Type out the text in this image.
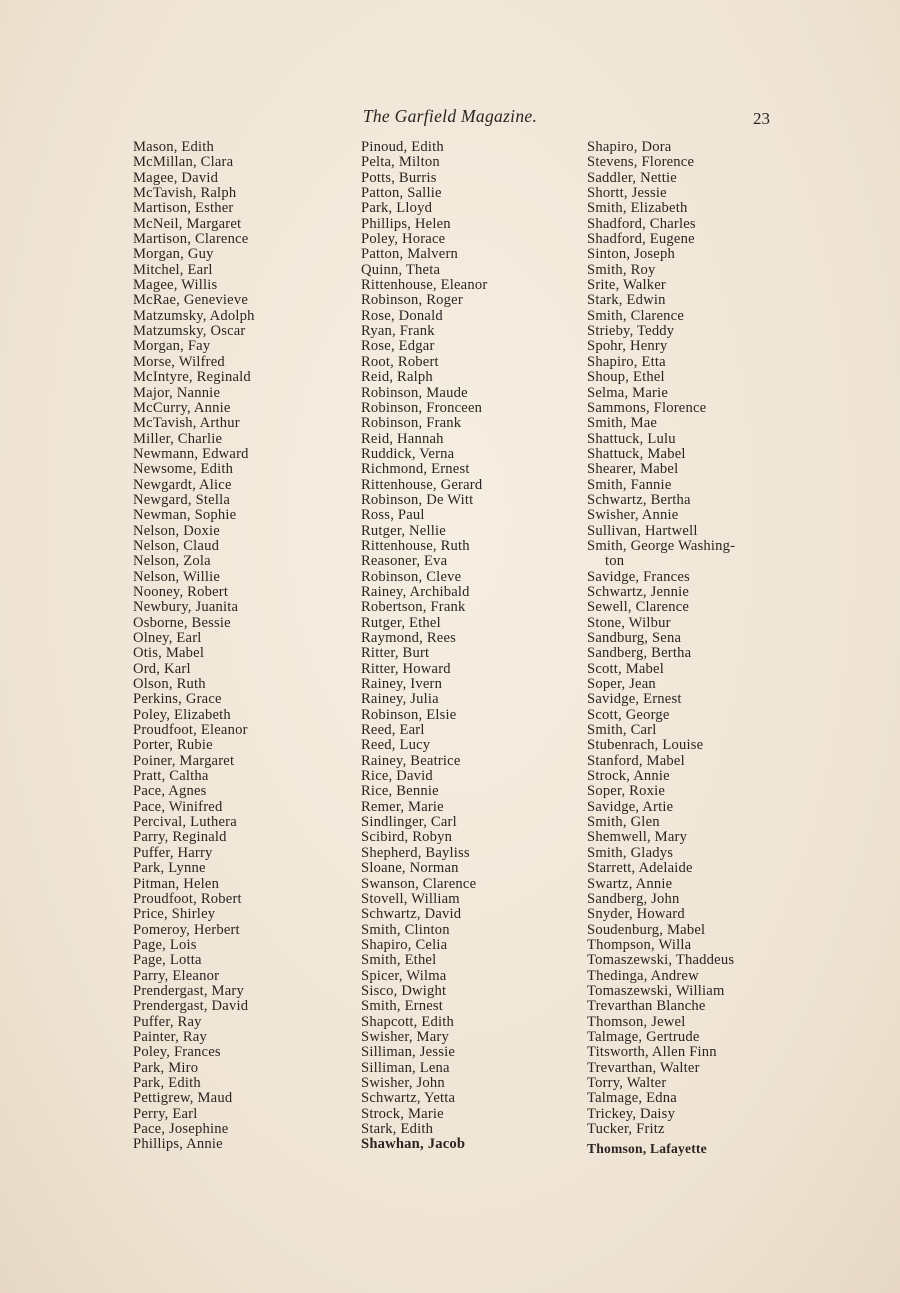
The Garfield Magazine.	23
Mason, Edith
McMillan, Clara
Magee, David
McTavish, Ralph
Martison, Esther
McNeil, Margaret
Martison, Clarence
Morgan, Guy
Mitchel, Earl
Magee, Willis
McRae, Genevieve
Matzumsky, Adolph
Matzumsky, Oscar
Morgan, Fay
Morse, Wilfred
McIntyre, Reginald
Major, Nannie
McCurry, Annie
McTavish, Arthur
Miller, Charlie
Newmann, Edward
Newsome, Edith
Newgardt, Alice
Newgard, Stella
Newman, Sophie
Nelson, Doxie
Nelson, Claud
Nelson, Zola
Nelson, Willie
Nooney, Robert
Newbury, Juanita
Osborne, Bessie
Olney, Earl
Otis, Mabel
Ord, Karl
Olson, Ruth
Perkins, Grace
Poley, Elizabeth
Proudfoot, Eleanor
Porter, Rubie
Poiner, Margaret
Pratt, Caltha
Pace, Agnes
Pace, Winifred
Percival, Luthera
Parry, Reginald
Puffer, Harry
Park, Lynne
Pitman, Helen
Proudfoot, Robert
Price, Shirley
Pomeroy, Herbert
Page, Lois
Page, Lotta
Parry, Eleanor
Prendergast, Mary
Prendergast, David
Puffer, Ray
Painter, Ray
Poley, Frances
Park, Miro
Park, Edith
Pettigrew, Maud
Perry, Earl
Pace, Josephine
Phillips, Annie
Pinoud, Edith
Pelta, Milton
Potts, Burris
Patton, Sallie
Park, Lloyd
Phillips, Helen
Poley, Horace
Patton, Malvern
Quinn, Theta
Rittenhouse, Eleanor
Robinson, Roger
Rose, Donald
Ryan, Frank
Rose, Edgar
Root, Robert
Reid, Ralph
Robinson, Maude
Robinson, Fronceen
Robinson, Frank
Reid, Hannah
Ruddick, Verna
Richmond, Ernest
Rittenhouse, Gerard
Robinson, De Witt
Ross, Paul
Rutger, Nellie
Rittenhouse, Ruth
Reasoner, Eva
Robinson, Cleve
Rainey, Archibald
Robertson, Frank
Rutger, Ethel
Raymond, Rees
Ritter, Burt
Ritter, Howard
Rainey, Ivern
Rainey, Julia
Robinson, Elsie
Reed, Earl
Reed, Lucy
Rainey, Beatrice
Rice, David
Rice, Bennie
Remer, Marie
Sindlinger, Carl
Scibird, Robyn
Shepherd, Bayliss
Sloane, Norman
Swanson, Clarence
Stovell, William
Schwartz, David
Smith, Clinton
Shapiro, Celia
Smith, Ethel
Spicer, Wilma
Sisco, Dwight
Smith, Ernest
Shapcott, Edith
Swisher, Mary
Silliman, Jessie
Silliman, Lena
Swisher, John
Schwartz, Yetta
Strock, Marie
Stark, Edith
Shawhan, Jacob
Shapiro, Dora
Stevens, Florence
Saddler, Nettie
Shortt, Jessie
Smith, Elizabeth
Shadford, Charles
Shadford, Eugene
Sinton, Joseph
Smith, Roy
Srite, Walker
Stark, Edwin
Smith, Clarence
Strieby, Teddy
Spohr, Henry
Shapiro, Etta
Shoup, Ethel
Selma, Marie
Sammons, Florence
Smith, Mae
Shattuck, Lulu
Shattuck, Mabel
Shearer, Mabel
Smith, Fannie
Schwartz, Bertha
Swisher, Annie
Sullivan, Hartwell
Smith, George Washing-
ton
Savidge, Frances
Schwartz, Jennie
Sewell, Clarence
Stone, Wilbur
Sandburg, Sena
Sandberg, Bertha
Scott, Mabel
Soper, Jean
Savidge, Ernest
Scott, George
Smith, Carl
Stubenrach, Louise
Stanford, Mabel
Strock, Annie
Soper, Roxie
Savidge, Artie
Smith, Glen
Shemwell, Mary
Smith, Gladys
Starrett, Adelaide
Swartz, Annie
Sandberg, John
Snyder, Howard
Soudenburg, Mabel
Thompson, Willa
Tomaszewski, Thaddeus
Thedinga, Andrew
Tomaszewski, William
Trevarthan Blanche
Thomson, Jewel
Talmage, Gertrude
Titsworth, Allen Finn
Trevarthan, Walter
Torry, Walter
Talmage, Edna
Trickey, Daisy
Tucker, Fritz
Thomson, Lafayette
